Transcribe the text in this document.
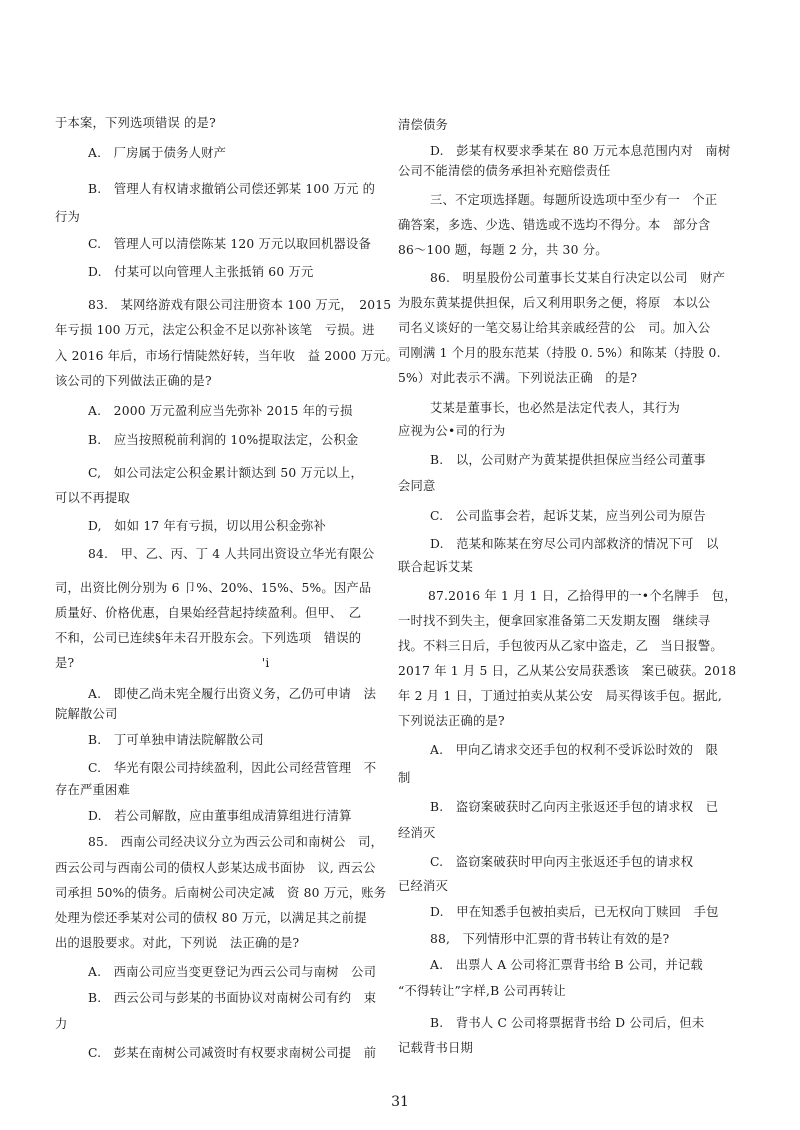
于本案，下列选项错误 的是?
A.　厂房属于债务人财产
B.　管理人有权请求撤销公司偿还郭某 100 万元 的
行为
C.　管理人可以清偿陈某 120 万元以取回机器设备
D.　付某可以向管理人主张抵销 60 万元
83.　某网络游戏有限公司注册资本 100 万元，　2015
年亏损 100 万元，法定公积金不足以弥补该笔　亏损。进
入 2016 年后，市场行情陡然好转，当年收　益 2000 万元。
该公司的下列做法正确的是?
A.　2000 万元盈利应当先弥补 2015 年的亏损
B.　应当按照税前利润的 10%提取法定，公积金
C,　如公司法定公积金累计额达到 50 万元以上，
可以不再提取
D,　如如 17 年有亏损，切以用公积金弥补
84.　甲、乙、丙、丁 4 人共同出资设立华光有限公
司，出资比例分别为 6 卩%、20%、15%、5%。因产品
质量好、价格优惠，自果始经营起持续盈利。但甲、　乙
不和，公司已连续§年未召开股东会。下列选项　错误的
是?　　　　　　　　　　　　　　　'i
A.　即使乙尚未宪全履行出资义务，乙仍可申请　法
院解散公司
B.　丁可单独申请法院解散公司
C.　华光有限公司持续盈利，因此公司经营管理　不
存在严重困难
D.　若公司解散，应由董事组成清算组进行清算
85.　西南公司经决议分立为西云公司和南树公　司，
西云公司与西南公司的债权人彭某达成书面协　议, 西云公
司承担 50%的债务。后南树公司决定减　资 80 万元，账务
处理为偿还季某对公司的债权 80 万元，以满足其之前提
出的退股要求。对此，下列说　法正确的是?
A.　西南公司应当变更登记为西云公司与南树　公司
B.　西云公司与彭某的书面协议对南树公司有约　束
力
C.　彭某在南树公司减资时有权要求南树公司提　前
清偿债务
D.　彭某有权要求季某在 80 万元本息范围内对　南树
公司不能清偿的债务承担补充赔偿责任
三、不定项选择题。每题所设选项中至少有一　个正
确答案，多选、少选、错选或不选均不得分。本　部分含
86～100 题，每题 2 分，共 30 分。
86.　明星股份公司董事长艾某自行决定以公司　财产
为股东黄某提供担保，后又利用职务之便，将原　本以公
司名义谈好的一笔交易让给其亲戚经营的公　司。加入公
司刚满 1 个月的股东范某（持股 0. 5%）和陈某（持股 0.
5%）对此表示不满。下列说法正确　的是?
艾某是董事长，也必然是法定代表人，其行为
应视为公•司的行为
B.　以，公司财产为黄某提供担保应当经公司董事
会同意
C.　公司监事会若，起诉艾某，应当列公司为原告
D.　范某和陈某在穷尽公司内部救济的情况下可　以
联合起诉艾某
87.2016 年 1 月 1 日，乙拾得甲的一•个名牌手　包，
一时找不到失主，便拿回家准备第二天发期友圈　继续寻
找。不料三日后，手包彼丙从乙家中盗走，乙　当日报警。
2017 年 1 月 5 日，乙从某公安局获悉该　案已破获。2018
年 2 月 1 日，丁通过拍卖从某公安　局买得该手包。据此,
下列说法正确的是?
A.　甲向乙请求交还手包的权利不受诉讼时效的　限
制
B.　盗窃案破获时乙向丙主张返还手包的请求权　已
经消灭
C.　盗窃案破获时甲向丙主张返还手包的请求权
已经消灭
D.　甲在知悉手包被拍卖后，已无权向丁赎回　手包
88,　下列情形中汇票的背书转让有效的是?
A.　出票人 A 公司将汇票背书给 B 公司，并记载
“不得转让”字样,B 公司再转让
B.　背书人 C 公司将票据背书给 D 公司后，但未
记载背书日期
31
